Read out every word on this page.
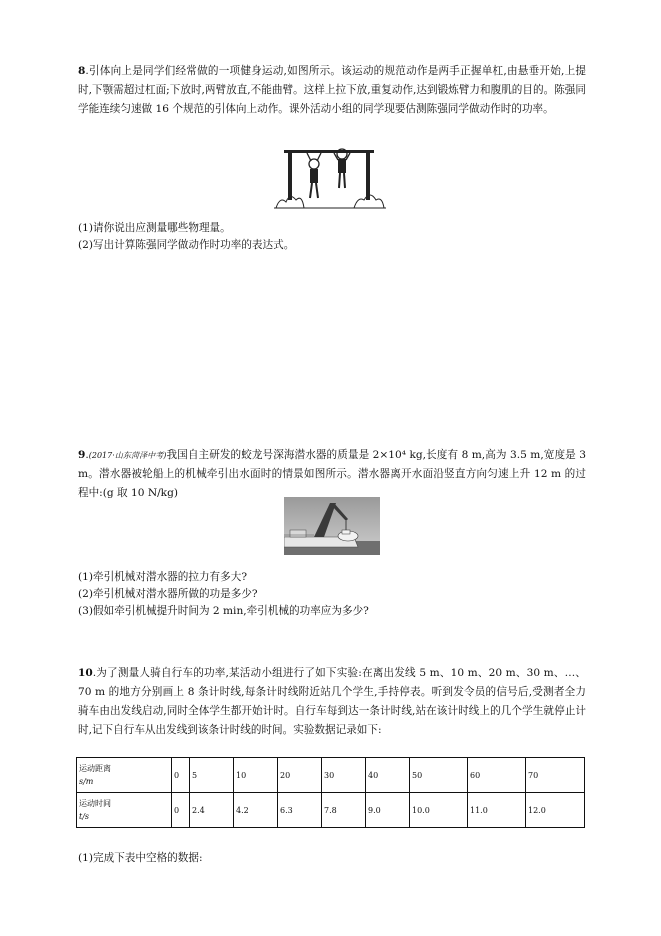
8.引体向上是同学们经常做的一项健身运动,如图所示。该运动的规范动作是两手正握单杠,由悬垂开始,上提时,下颚需超过杠面;下放时,两臂放直,不能曲臂。这样上拉下放,重复动作,达到锻炼臂力和腹肌的目的。陈强同学能连续匀速做 16 个规范的引体向上动作。课外活动小组的同学现要估测陈强同学做动作时的功率。

(1)请你说出应测量哪些物理量。

(2)写出计算陈强同学做动作时功率的表达式。

9.(2017·山东菏泽中考)我国自主研发的蛟龙号深海潜水器的质量是 2×10⁴ kg,长度有 8 m,高为 3.5 m,宽度是 3 m。潜水器被轮船上的机械牵引出水面时的情景如图所示。潜水器离开水面沿竖直方向匀速上升 12 m 的过程中:(g 取 10 N/kg)

(1)牵引机械对潜水器的拉力有多大?

(2)牵引机械对潜水器所做的功是多少?

(3)假如牵引机械提升时间为 2 min,牵引机械的功率应为多少?

10.为了测量人骑自行车的功率,某活动小组进行了如下实验:在离出发线 5 m、10 m、20 m、30 m、…、70 m 的地方分别画上 8 条计时线,每条计时线附近站几个学生,手持停表。听到发令员的信号后,受测者全力骑车由出发线启动,同时全体学生都开始计时。自行车每到达一条计时线,站在该计时线上的几个学生就停止计时,记下自行车从出发线到该条计时线的时间。实验数据记录如下:

运动距离
s/m	0	5	10	20	30	40	50	60	70
运动时间
t/s	0	2.4	4.2	6.3	7.8	9.0	10.0	11.0	12.0

(1)完成下表中空格的数据:
